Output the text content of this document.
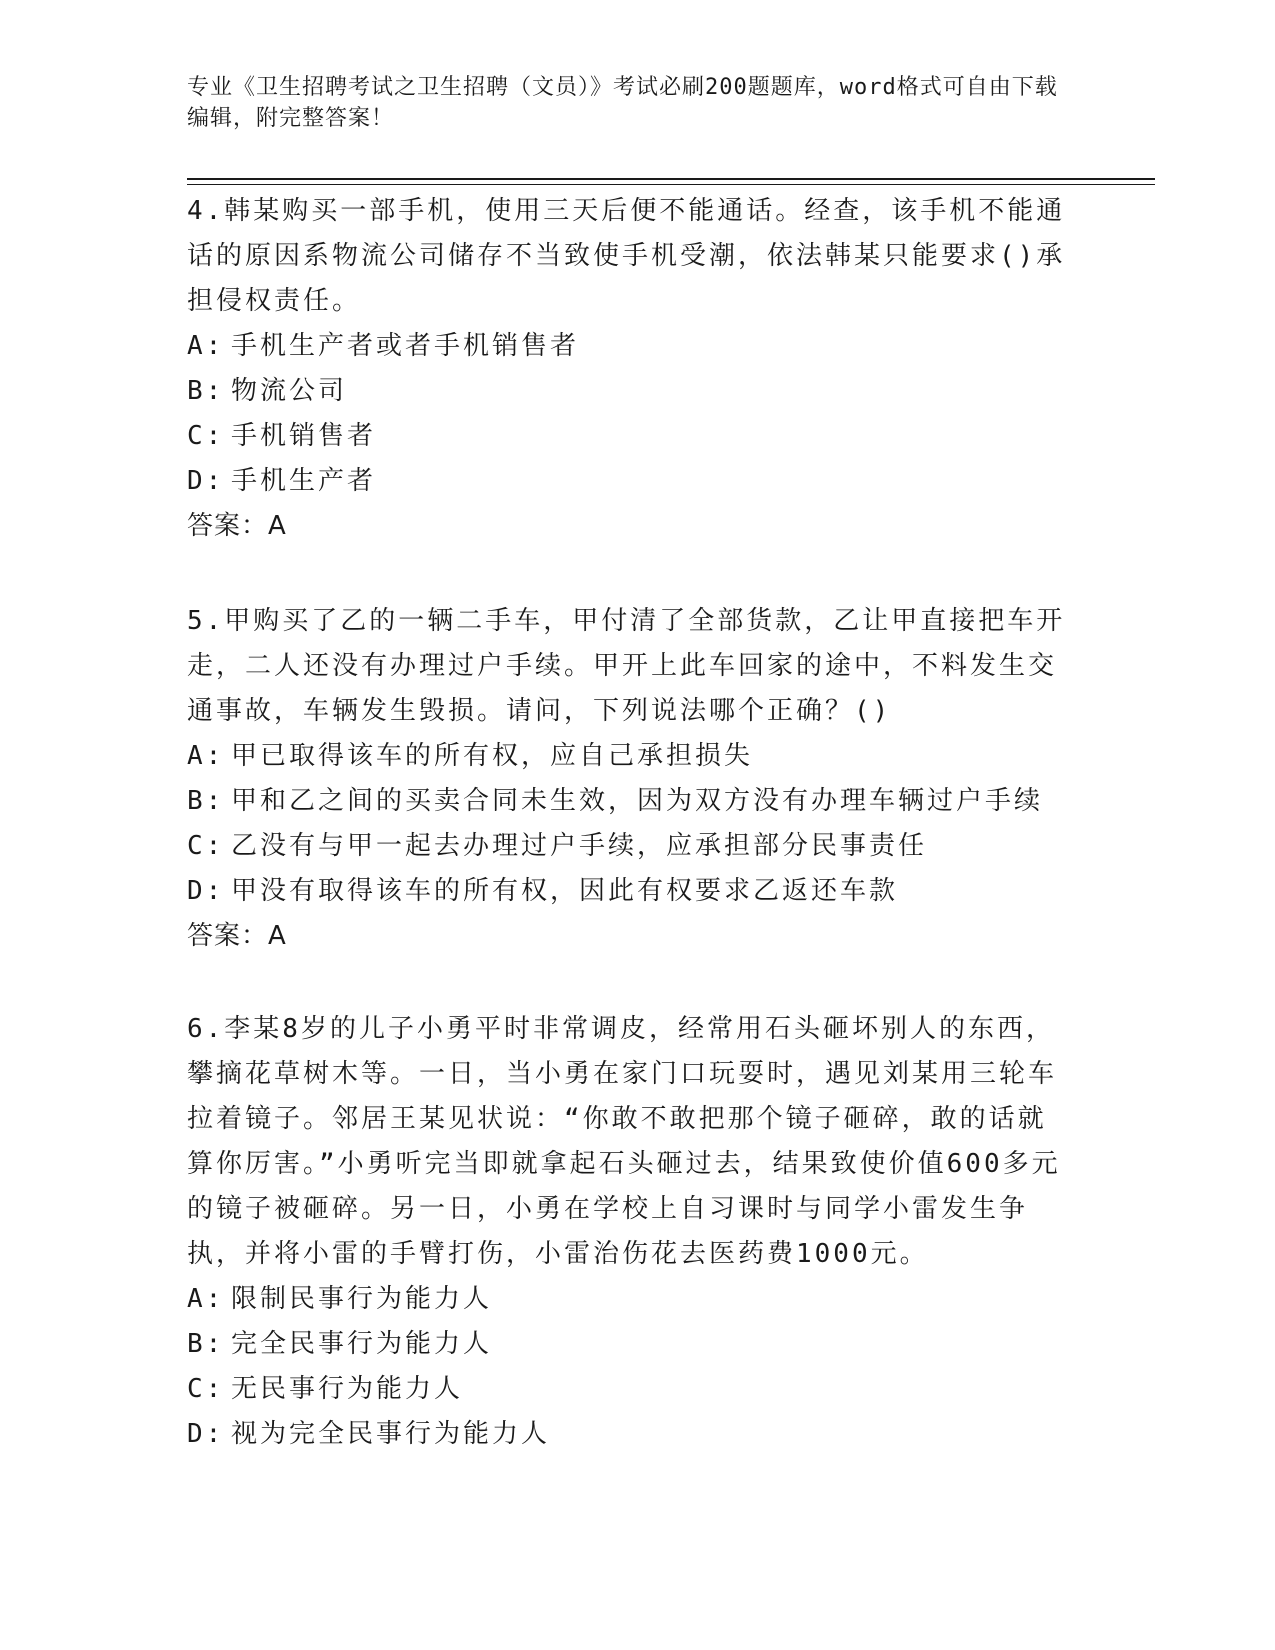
专业《卫生招聘考试之卫生招聘（文员）》考试必刷200题题库，word格式可自由下载编辑，附完整答案！

4.韩某购买一部手机，使用三天后便不能通话。经查，该手机不能通话的原因系物流公司储存不当致使手机受潮，依法韩某只能要求()承担侵权责任。

A: 手机生产者或者手机销售者

B: 物流公司

C: 手机销售者

D: 手机生产者

答案：A

5.甲购买了乙的一辆二手车，甲付清了全部货款，乙让甲直接把车开走，二人还没有办理过户手续。甲开上此车回家的途中，不料发生交通事故，车辆发生毁损。请问，下列说法哪个正确？()

A: 甲已取得该车的所有权，应自己承担损失

B: 甲和乙之间的买卖合同未生效，因为双方没有办理车辆过户手续

C: 乙没有与甲一起去办理过户手续，应承担部分民事责任

D: 甲没有取得该车的所有权，因此有权要求乙返还车款

答案：A

6.李某8岁的儿子小勇平时非常调皮，经常用石头砸坏别人的东西，攀摘花草树木等。一日，当小勇在家门口玩耍时，遇见刘某用三轮车拉着镜子。邻居王某见状说：“你敢不敢把那个镜子砸碎，敢的话就算你厉害。”小勇听完当即就拿起石头砸过去，结果致使价值600多元的镜子被砸碎。另一日，小勇在学校上自习课时与同学小雷发生争执，并将小雷的手臂打伤，小雷治伤花去医药费1000元。

A: 限制民事行为能力人

B: 完全民事行为能力人

C: 无民事行为能力人

D: 视为完全民事行为能力人
